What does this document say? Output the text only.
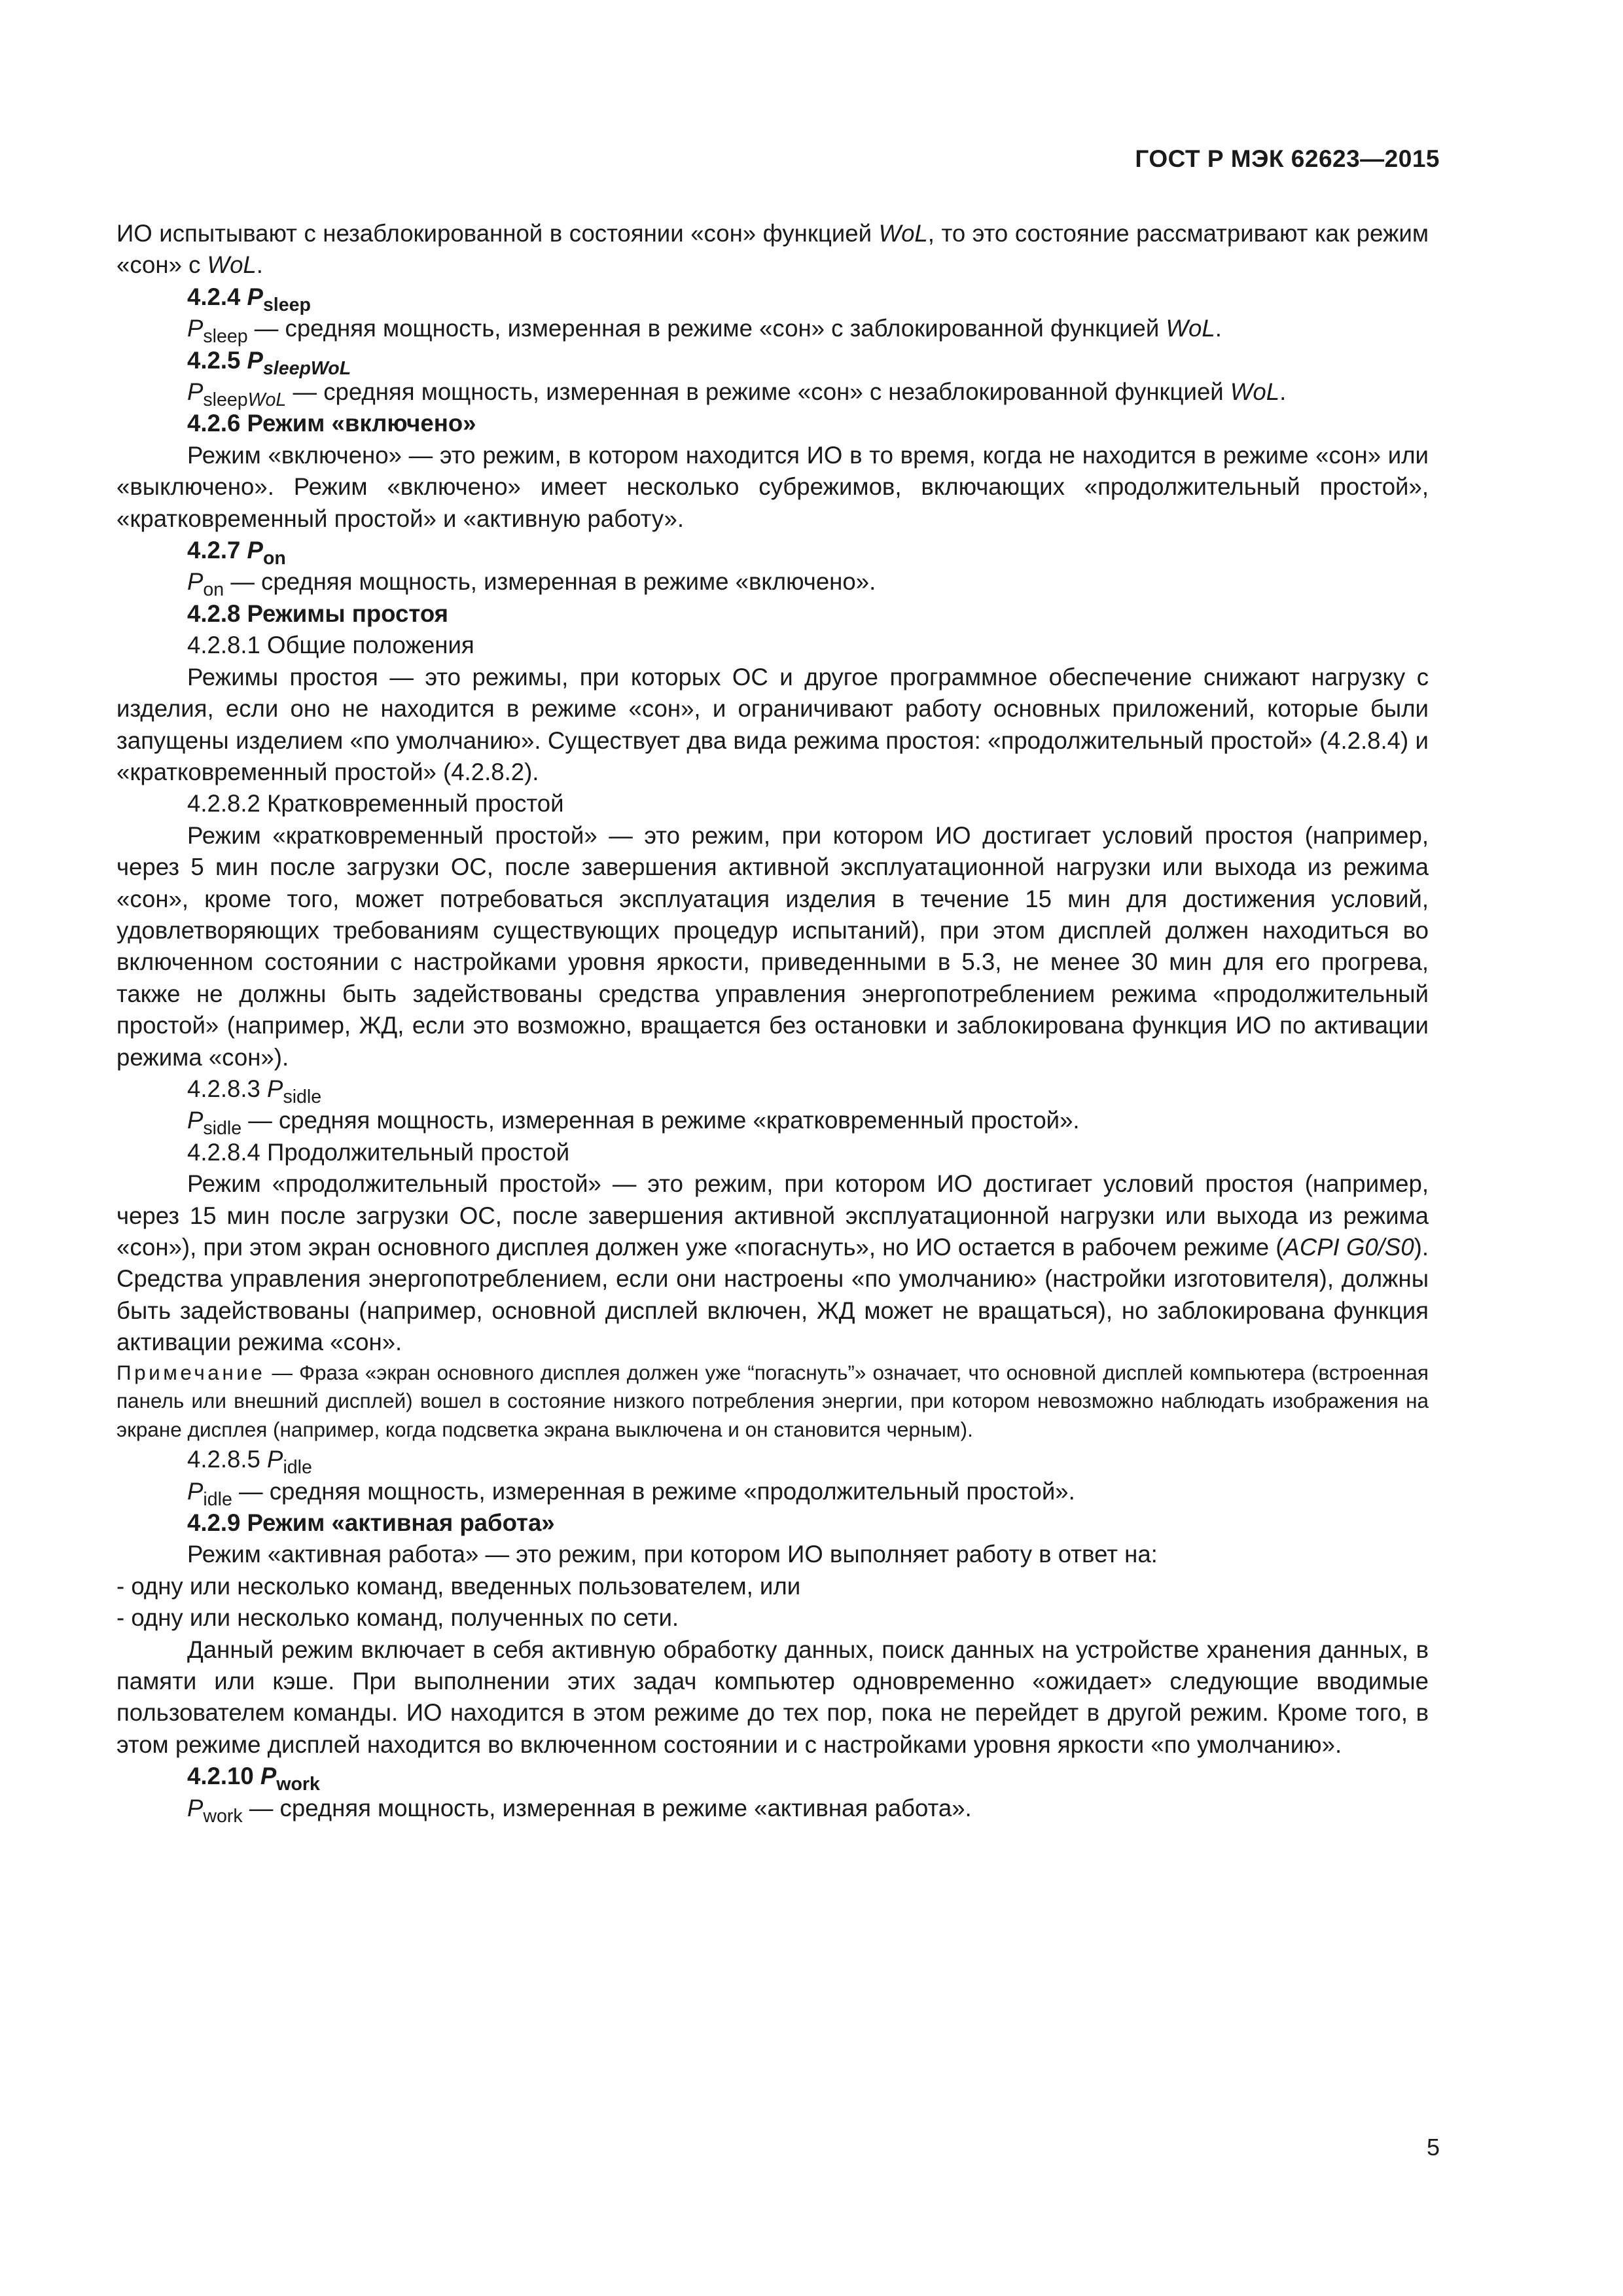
ГОСТ Р МЭК 62623—2015

ИО испытывают с незаблокированной в состоянии «сон» функцией WoL, то это состояние рассматривают как режим «сон» с WoL.

4.2.4 $P_{sleep}$

$P_{sleep}$ — средняя мощность, измеренная в режиме «сон» с заблокированной функцией WoL.

4.2.5 $P_{sleepWoL}$

$P_{sleepWoL}$ — средняя мощность, измеренная в режиме «сон» с незаблокированной функцией WoL.

4.2.6 Режим «включено»

Режим «включено» — это режим, в котором находится ИО в то время, когда не находится в режиме «сон» или «выключено». Режим «включено» имеет несколько субрежимов, включающих «продолжительный простой», «кратковременный простой» и «активную работу».

4.2.7 $P_{on}$

$P_{on}$ — средняя мощность, измеренная в режиме «включено».

4.2.8 Режимы простоя

4.2.8.1 Общие положения

Режимы простоя — это режимы, при которых ОС и другое программное обеспечение снижают нагрузку с изделия, если оно не находится в режиме «сон», и ограничивают работу основных приложений, которые были запущены изделием «по умолчанию». Существует два вида режима простоя: «продолжительный простой» (4.2.8.4) и «кратковременный простой» (4.2.8.2).

4.2.8.2 Кратковременный простой

Режим «кратковременный простой» — это режим, при котором ИО достигает условий простоя (например, через 5 мин после загрузки ОС, после завершения активной эксплуатационной нагрузки или выхода из режима «сон», кроме того, может потребоваться эксплуатация изделия в течение 15 мин для достижения условий, удовлетворяющих требованиям существующих процедур испытаний), при этом дисплей должен находиться во включенном состоянии с настройками уровня яркости, приведенными в 5.3, не менее 30 мин для его прогрева, также не должны быть задействованы средства управления энергопотреблением режима «продолжительный простой» (например, ЖД, если это возможно, вращается без остановки и заблокирована функция ИО по активации режима «сон»).

4.2.8.3 $P_{sidle}$

$P_{sidle}$ — средняя мощность, измеренная в режиме «кратковременный простой».

4.2.8.4 Продолжительный простой

Режим «продолжительный простой» — это режим, при котором ИО достигает условий простоя (например, через 15 мин после загрузки ОС, после завершения активной эксплуатационной нагрузки или выхода из режима «сон»), при этом экран основного дисплея должен уже «погаснуть», но ИО остается в рабочем режиме (ACPI G0/S0). Средства управления энергопотреблением, если они настроены «по умолчанию» (настройки изготовителя), должны быть задействованы (например, основной дисплей включен, ЖД может не вращаться), но заблокирована функция активации режима «сон».

Примечание — Фраза «экран основного дисплея должен уже “погаснуть”» означает, что основной дисплей компьютера (встроенная панель или внешний дисплей) вошел в состояние низкого потребления энергии, при котором невозможно наблюдать изображения на экране дисплея (например, когда подсветка экрана выключена и он становится черным).

4.2.8.5 $P_{idle}$

$P_{idle}$ — средняя мощность, измеренная в режиме «продолжительный простой».

4.2.9 Режим «активная работа»

Режим «активная работа» — это режим, при котором ИО выполняет работу в ответ на:

- одну или несколько команд, введенных пользователем, или

- одну или несколько команд, полученных по сети.

Данный режим включает в себя активную обработку данных, поиск данных на устройстве хранения данных, в памяти или кэше. При выполнении этих задач компьютер одновременно «ожидает» следующие вводимые пользователем команды. ИО находится в этом режиме до тех пор, пока не перейдет в другой режим. Кроме того, в этом режиме дисплей находится во включенном состоянии и с настройками уровня яркости «по умолчанию».

4.2.10 $P_{work}$

$P_{work}$ — средняя мощность, измеренная в режиме «активная работа».

5
